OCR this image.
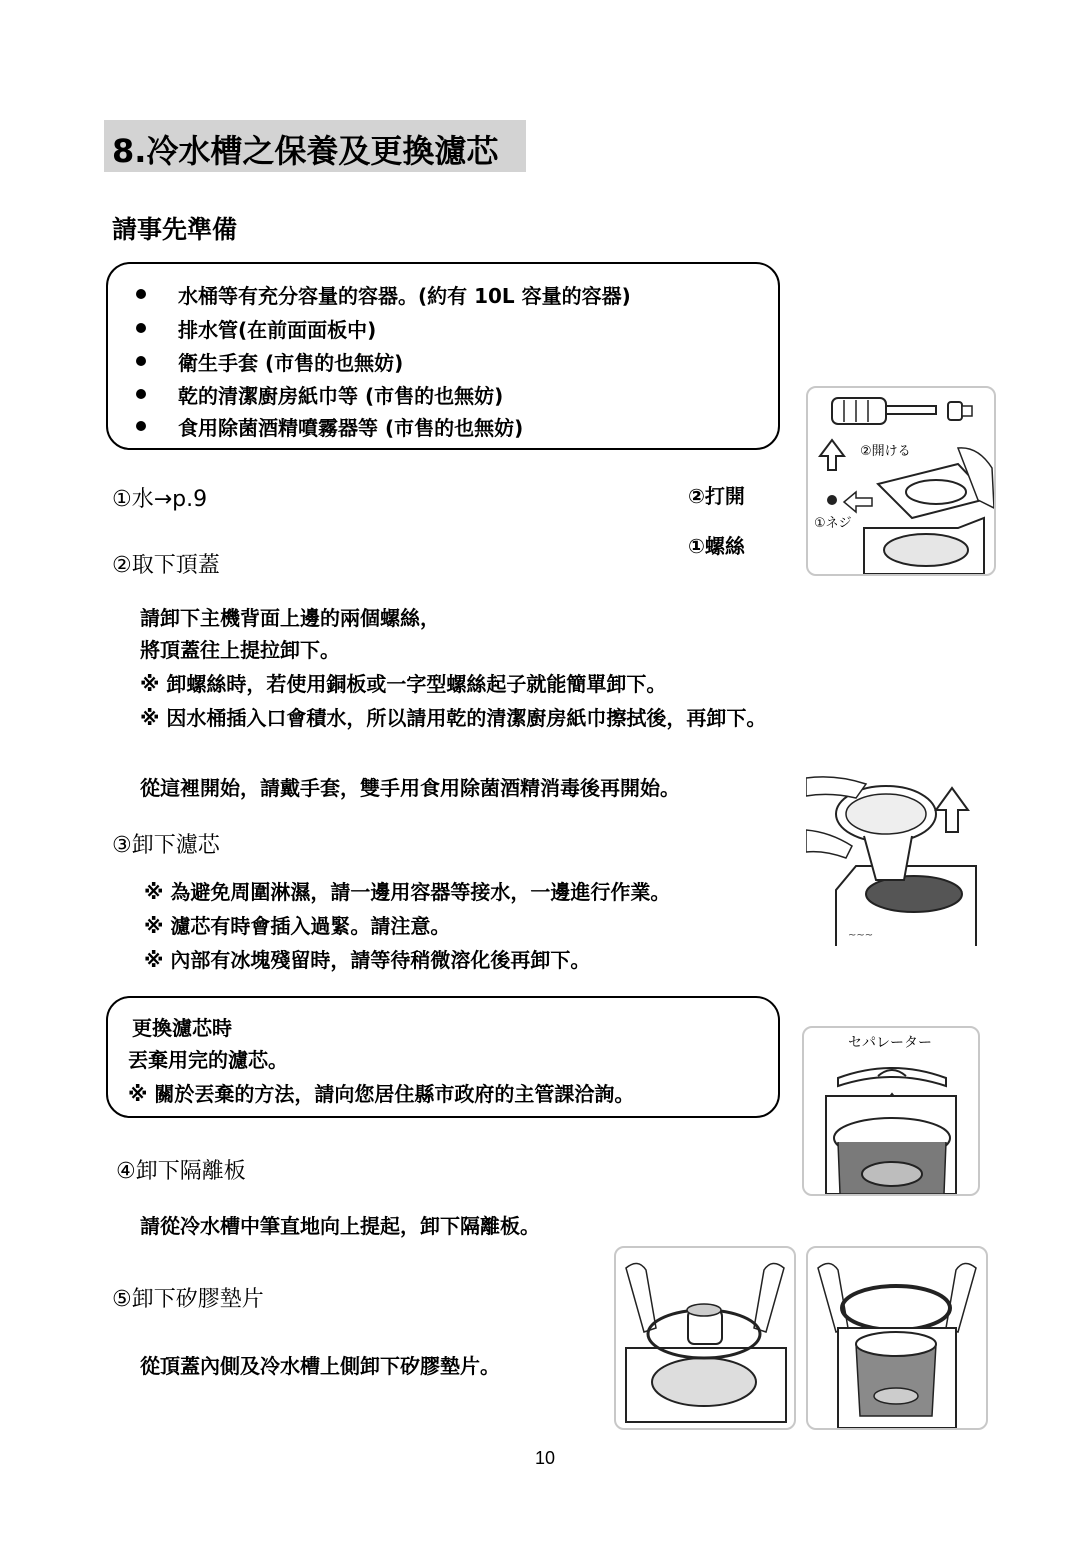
8.冷水槽之保養及更換濾芯
請事先準備
水桶等有充分容量的容器。(約有 10L 容量的容器)
排水管(在前面面板中)
衛生手套 (市售的也無妨)
乾的清潔廚房紙巾等 (市售的也無妨)
食用除菌酒精噴霧器等 (市售的也無妨)
②開ける
①ネジ
①水→p.9	②打開
①螺絲
②取下頂蓋
請卸下主機背面上邊的兩個螺絲，
將頂蓋往上提拉卸下。
※ 卸螺絲時，若使用銅板或一字型螺絲起子就能簡單卸下。
※ 因水桶插入口會積水，所以請用乾的清潔廚房紙巾擦拭後，再卸下。
從這裡開始，請戴手套，雙手用食用除菌酒精消毒後再開始。
~~~
③卸下濾芯
※ 為避免周圍淋濕，請一邊用容器等接水，一邊進行作業。
※ 濾芯有時會插入過緊。請注意。
※ 內部有冰塊殘留時，請等待稍微溶化後再卸下。
更換濾芯時
丟棄用完的濾芯。
※ 關於丟棄的方法，請向您居住縣市政府的主管課洽詢。
セパレーター
④卸下隔離板
請從冷水槽中筆直地向上提起，卸下隔離板。
⑤卸下矽膠墊片
從頂蓋內側及冷水槽上側卸下矽膠墊片。
10
